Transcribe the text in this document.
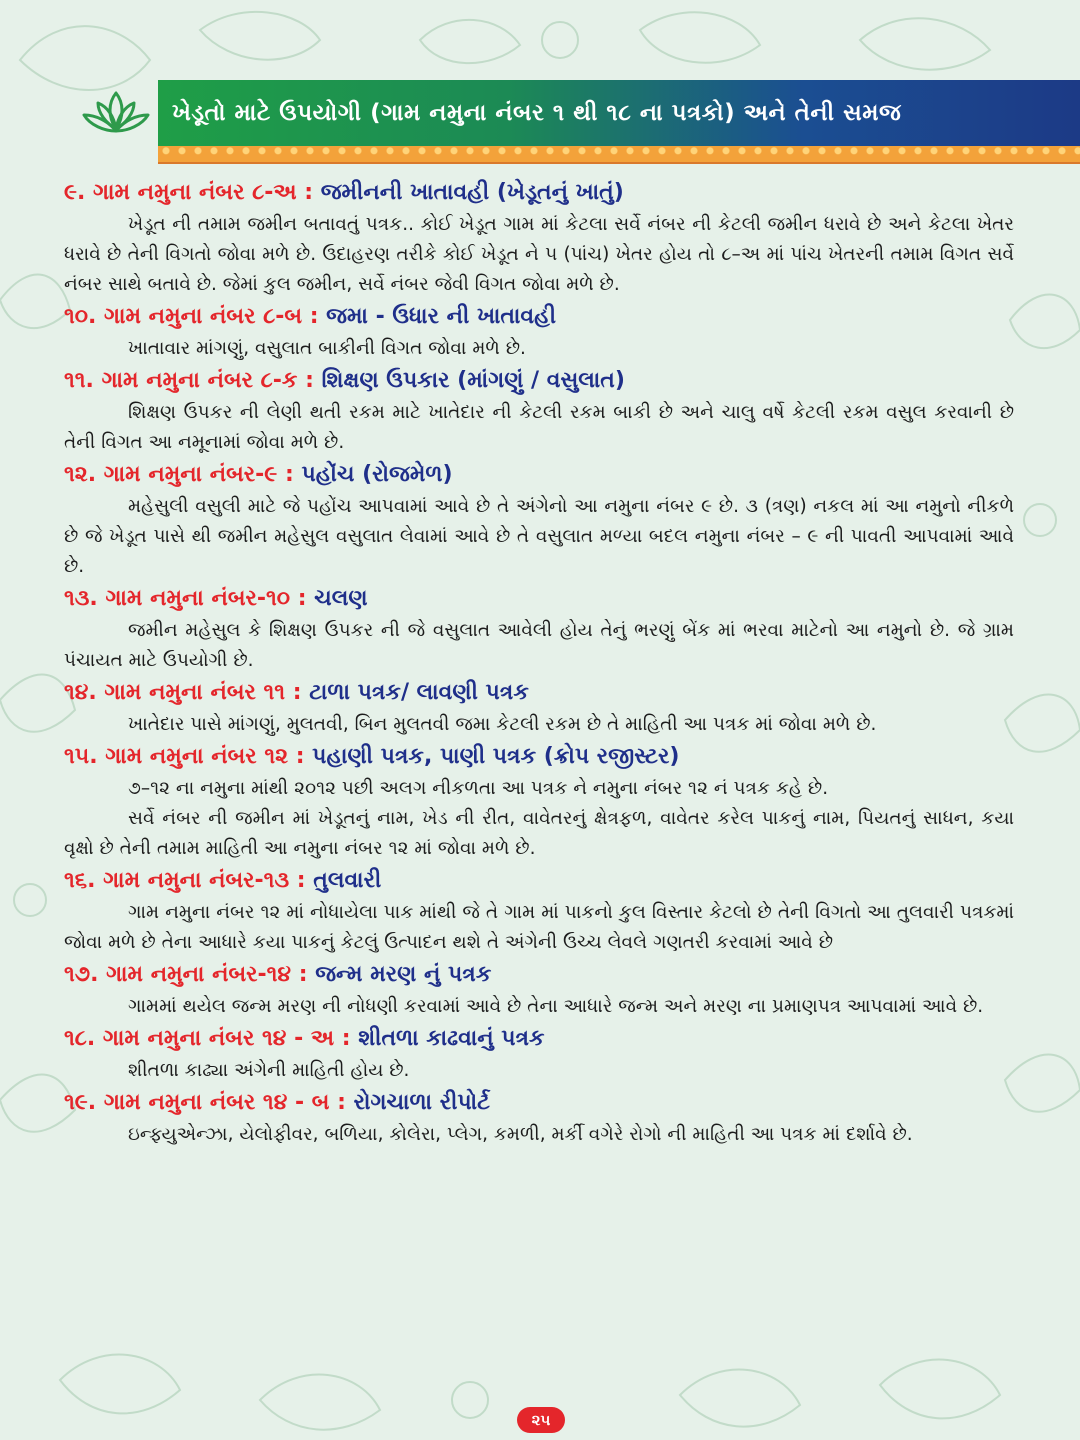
ખેડૂતો માટે ઉપયોગી (ગામ નમુના નંબર ૧ થી ૧૮ ના પત્રકો) અને તેની સમજ
૯. ગામ નમુના નંબર ૮-અ : જમીનની ખાતાવહી (ખેડૂતનું ખાતું)

ખેડૂત ની તમામ જમીન બતાવતું પત્રક.. કોઈ ખેડૂત ગામ માં કેટલા સર્વે નંબર ની કેટલી જમીન ધરાવે છે અને કેટલા ખેતર ધરાવે છે તેની વિગતો જોવા મળે છે. ઉદાહરણ તરીકે કોઈ ખેડૂત ને ૫ (પાંચ) ખેતર હોય તો ૮–અ માં પાંચ ખેતરની તમામ વિગત સર્વે નંબર સાથે બતાવે છે. જેમાં કુલ જમીન, સર્વે નંબર જેવી વિગત જોવા મળે છે.

૧૦. ગામ નમુના નંબર ૮-બ : જમા - ઉધાર ની ખાતાવહી

ખાતાવાર માંગણું, વસુલાત બાકીની વિગત જોવા મળે છે.

૧૧. ગામ નમુના નંબર ૮-ક : શિક્ષણ ઉપકાર (માંગણું / વસુલાત)

શિક્ષણ ઉપકર ની લેણી થતી રકમ માટે ખાતેદાર ની કેટલી રકમ બાકી છે અને ચાલુ વર્ષે કેટલી રકમ વસુલ કરવાની છે તેની વિગત આ નમૂનામાં જોવા મળે છે.

૧૨. ગામ નમુના નંબર-૯ : પહોંચ (રોજમેળ)

મહેસુલી વસુલી માટે જે પહોંચ આપવામાં આવે છે તે અંગેનો આ નમુના નંબર ૯ છે. ૩ (ત્રણ) નકલ માં આ નમુનો નીકળે છે જે ખેડૂત પાસે થી જમીન મહેસુલ વસુલાત લેવામાં આવે છે તે વસુલાત મળ્યા બદલ નમુના નંબર – ૯ ની પાવતી આપવામાં આવે છે.

૧૩. ગામ નમુના નંબર-૧૦ : ચલણ

જમીન મહેસુલ કે શિક્ષણ ઉપકર ની જે વસુલાત આવેલી હોય તેનું ભરણું બેંક માં ભરવા માટેનો આ નમુનો છે. જે ગ્રામ પંચાયત માટે ઉપયોગી છે.

૧૪. ગામ નમુના નંબર ૧૧ : ટાળા પત્રક/ લાવણી પત્રક

ખાતેદાર પાસે માંગણું, મુલતવી, બિન મુલતવી જમા કેટલી રકમ છે તે માહિતી આ પત્રક માં જોવા મળે છે.

૧૫. ગામ નમુના નંબર ૧૨ : પહાણી પત્રક, પાણી પત્રક (ક્રોપ રજીસ્ટર)

૭–૧૨ ના નમુના માંથી ૨૦૧૨ પછી અલગ નીકળતા આ પત્રક ને નમુના નંબર ૧૨ નં પત્રક કહે છે.

સર્વે નંબર ની જમીન માં ખેડૂતનું નામ, ખેડ ની રીત, વાવેતરનું ક્ષેત્રફળ, વાવેતર કરેલ પાકનું નામ, પિયતનું સાધન, કયા વૃક્ષો છે તેની તમામ માહિતી આ નમુના નંબર ૧૨ માં જોવા મળે છે.

૧૬. ગામ નમુના નંબર-૧૩ : તુલવારી

ગામ નમુના નંબર ૧૨ માં નોધાયેલા પાક માંથી જે તે ગામ માં પાકનો કુલ વિસ્તાર કેટલો છે તેની વિગતો આ તુલવારી પત્રકમાં જોવા મળે છે તેના આધારે કયા પાકનું કેટલું ઉત્પાદન થશે તે અંગેની ઉચ્ચ લેવલે ગણતરી કરવામાં આવે છે

૧૭. ગામ નમુના નંબર-૧૪ : જન્મ મરણ નું પત્રક

ગામમાં થયેલ જન્મ મરણ ની નોધણી કરવામાં આવે છે તેના આધારે જન્મ અને મરણ ના પ્રમાણપત્ર આપવામાં આવે છે.

૧૮. ગામ નમુના નંબર ૧૪ - અ : શીતળા કાઢવાનું પત્રક

શીતળા કાઢ્યા અંગેની માહિતી હોય છે.

૧૯. ગામ નમુના નંબર ૧૪ - બ : રોગચાળા રીપોર્ટ

ઇન્ફ્યુએન્ઝા, યેલોફીવર, બળિયા, કોલેરા, પ્લેગ, કમળી, મર્કી વગેરે રોગો ની માહિતી આ પત્રક માં દર્શાવે છે.

૨૫
